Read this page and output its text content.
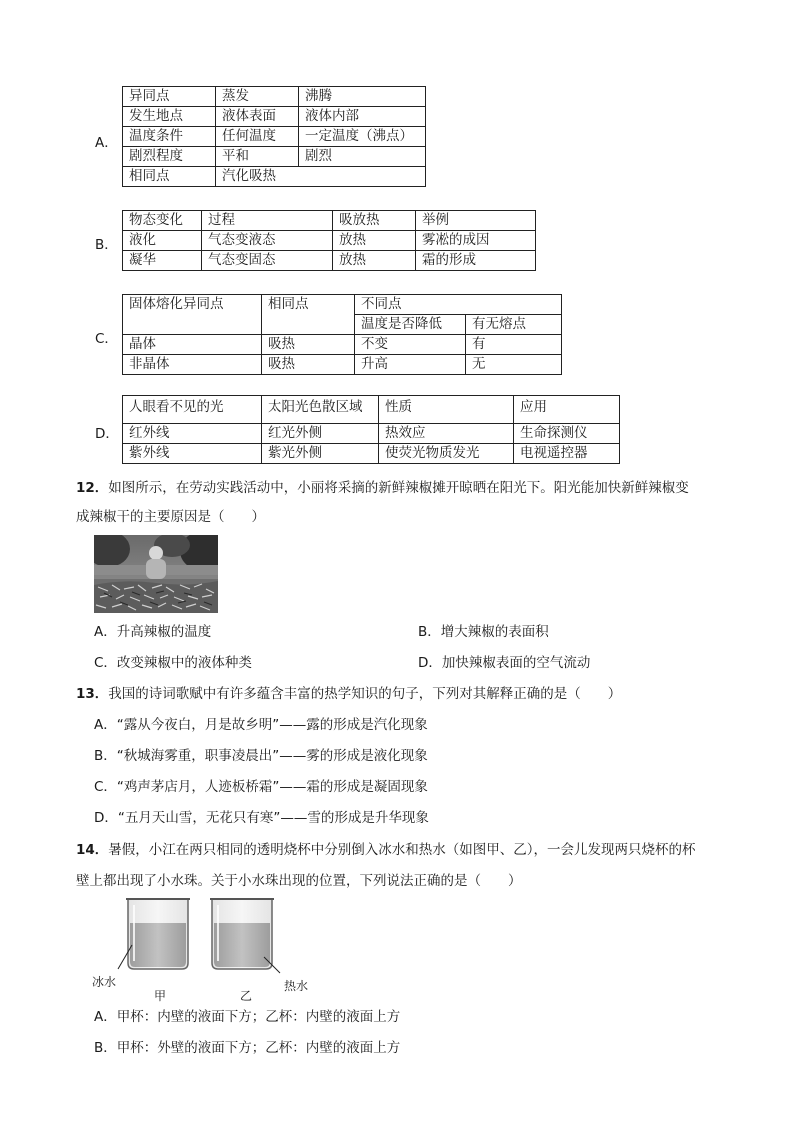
A．
异同点	蒸发	沸腾
发生地点	液体表面	液体内部
温度条件	任何温度	一定温度（沸点）
剧烈程度	平和	剧烈
相同点	汽化吸热	
B．
物态变化	过程	吸放热	举例
液化	气态变液态	放热	雾凇的成因
凝华	气态变固态	放热	霜的形成
C．
固体熔化异同点	相同点	不同点	
		温度是否降低	有无熔点
晶体	吸热	不变	有
非晶体	吸热	升高	无
D．
人眼看不见的光	太阳光色散区域	性质	应用
红外线	红光外侧	热效应	生命探测仪
紫外线	紫光外侧	使荧光物质发光	电视遥控器
12．如图所示，在劳动实践活动中，小丽将采摘的新鲜辣椒摊开晾晒在阳光下。阳光能加快新鲜辣椒变
成辣椒干的主要原因是（　　）
A．升高辣椒的温度	B．增大辣椒的表面积
C．改变辣椒中的液体种类	D．加快辣椒表面的空气流动
13．我国的诗词歌赋中有许多蕴含丰富的热学知识的句子，下列对其解释正确的是（　　）
A．“露从今夜白，月是故乡明”——露的形成是汽化现象
B．“秋城海雾重，职事凌晨出”——雾的形成是液化现象
C．“鸡声茅店月，人迹板桥霜”——霜的形成是凝固现象
D．“五月天山雪，无花只有寒”——雪的形成是升华现象
14．暑假，小江在两只相同的透明烧杯中分别倒入冰水和热水（如图甲、乙），一会儿发现两只烧杯的杯
壁上都出现了小水珠。关于小水珠出现的位置，下列说法正确的是（　　）
冰水	热水
甲	乙
A．甲杯：内壁的液面下方；乙杯：内壁的液面上方
B．甲杯：外壁的液面下方；乙杯：内壁的液面上方
